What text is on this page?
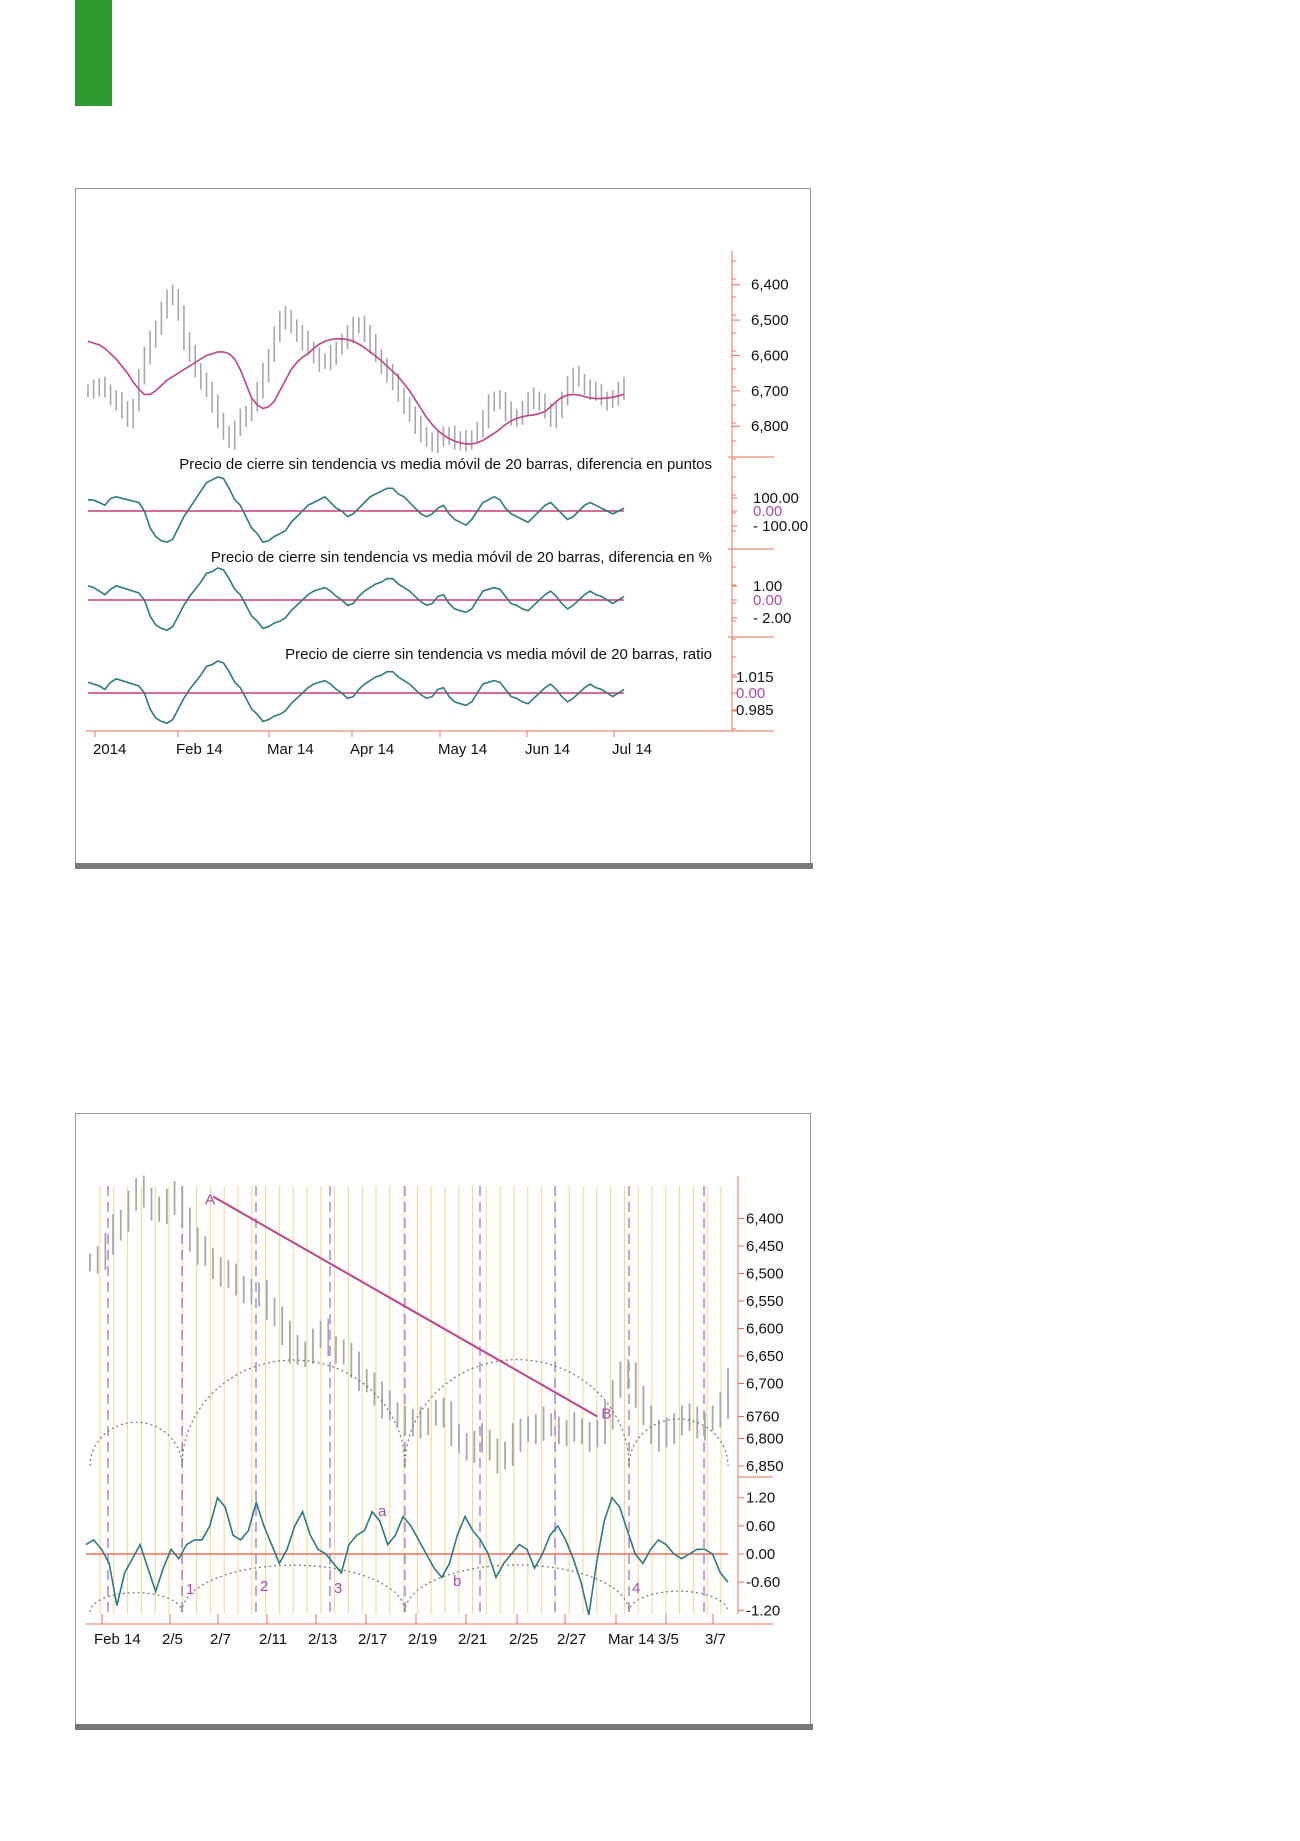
6,800
6,700
6,600
6,500
6,400
Precio de cierre sin tendencia vs media móvil de 20 barras, diferencia en puntos
100.00
0.00
- 100.00
Precio de cierre sin tendencia vs media móvil de 20 barras, diferencia en %
1.00
0.00
- 2.00
Precio de cierre sin tendencia vs media móvil de 20 barras, ratio
1.015
0.00
0.985
2014	Feb 14	Mar 14 Apr 14	May 14	Jun 14	Jul 14
A
B
6,850
6,800
6760
6,700
6,650
6,600
6,550
6,500
6,450
6,400
1.20
0.60
0.00
-0.60
-1.20
1	2	3
a
b	4
Feb 14 2/5 2/7 2/11 2/13 2/17 2/19 2/21 2/25 2/27 Mar 14 3/5 3/7
